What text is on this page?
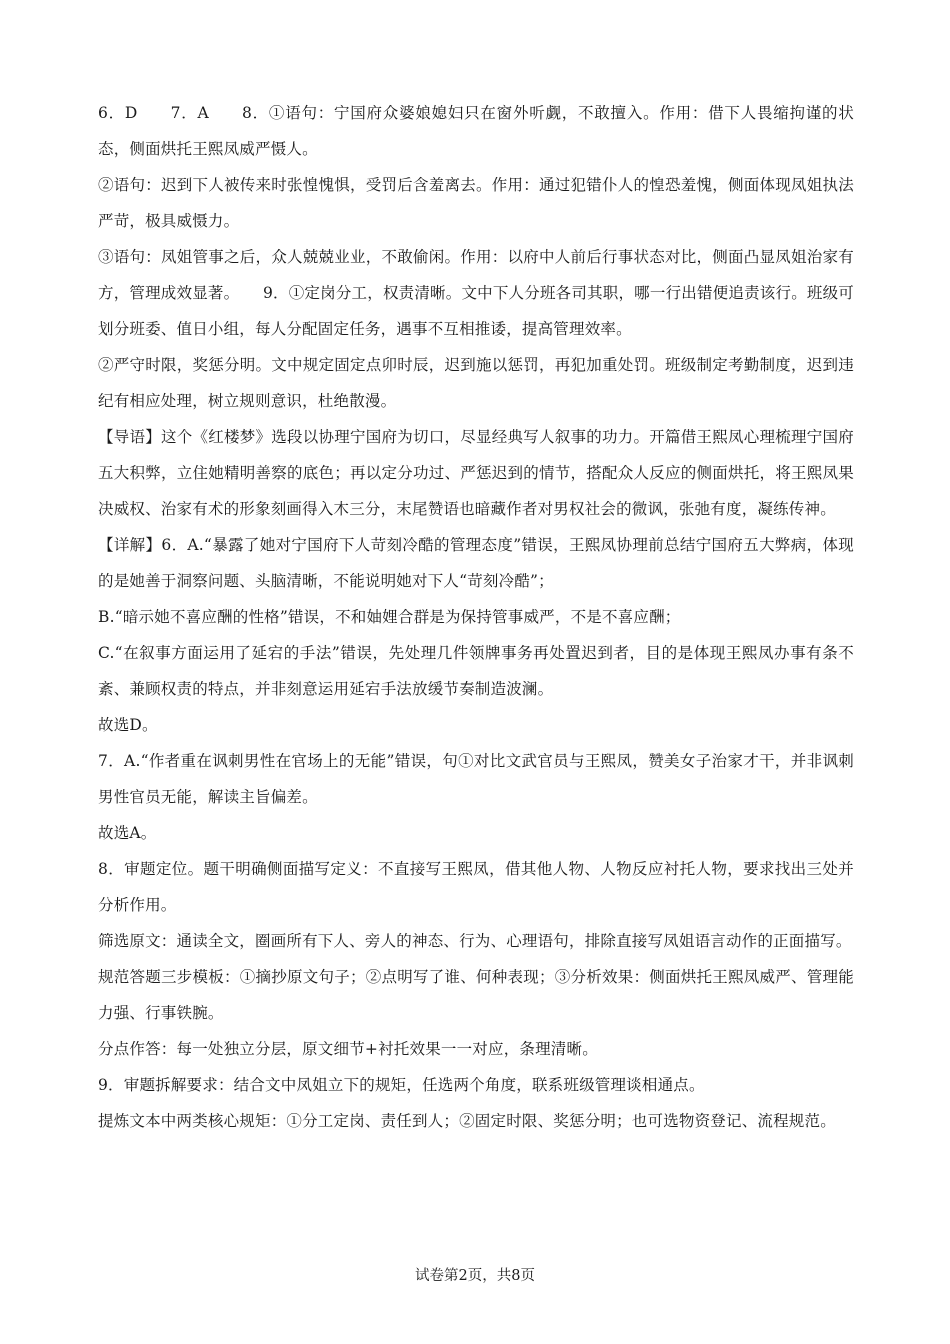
6．D　　7．A　　8．①语句：宁国府众婆娘媳妇只在窗外听觑，不敢擅入。作用：借下人畏缩拘谨的状态，侧面烘托王熙凤威严慑人。

②语句：迟到下人被传来时张惶愧惧，受罚后含羞离去。作用：通过犯错仆人的惶恐羞愧，侧面体现凤姐执法严苛，极具威慑力。

③语句：凤姐管事之后，众人兢兢业业，不敢偷闲。作用：以府中人前后行事状态对比，侧面凸显凤姐治家有方，管理成效显著。　　9．①定岗分工，权责清晰。文中下人分班各司其职，哪一行出错便追责该行。班级可划分班委、值日小组，每人分配固定任务，遇事不互相推诿，提高管理效率。

②严守时限，奖惩分明。文中规定固定点卯时辰，迟到施以惩罚，再犯加重处罚。班级制定考勤制度，迟到违纪有相应处理，树立规则意识，杜绝散漫。

【导语】这个《红楼梦》选段以协理宁国府为切口，尽显经典写人叙事的功力。开篇借王熙凤心理梳理宁国府五大积弊，立住她精明善察的底色；再以定分功过、严惩迟到的情节，搭配众人反应的侧面烘托，将王熙凤果决威权、治家有术的形象刻画得入木三分，末尾赞语也暗藏作者对男权社会的微讽，张弛有度，凝练传神。

【详解】6．A.“暴露了她对宁国府下人苛刻冷酷的管理态度”错误，王熙凤协理前总结宁国府五大弊病，体现的是她善于洞察问题、头脑清晰，不能说明她对下人“苛刻冷酷”；

B.“暗示她不喜应酬的性格”错误，不和妯娌合群是为保持管事威严，不是不喜应酬；

C.“在叙事方面运用了延宕的手法”错误，先处理几件领牌事务再处置迟到者，目的是体现王熙凤办事有条不紊、兼顾权责的特点，并非刻意运用延宕手法放缓节奏制造波澜。

故选D。

7．A.“作者重在讽刺男性在官场上的无能”错误，句①对比文武官员与王熙凤，赞美女子治家才干，并非讽刺男性官员无能，解读主旨偏差。

故选A。

8．审题定位。题干明确侧面描写定义：不直接写王熙凤，借其他人物、人物反应衬托人物，要求找出三处并分析作用。

筛选原文：通读全文，圈画所有下人、旁人的神态、行为、心理语句，排除直接写凤姐语言动作的正面描写。

规范答题三步模板：①摘抄原文句子；②点明写了谁、何种表现；③分析效果：侧面烘托王熙凤威严、管理能力强、行事铁腕。

分点作答：每一处独立分层，原文细节+衬托效果一一对应，条理清晰。

9．审题拆解要求：结合文中凤姐立下的规矩，任选两个角度，联系班级管理谈相通点。

提炼文本中两类核心规矩：①分工定岗、责任到人；②固定时限、奖惩分明；也可选物资登记、流程规范。

试卷第2页，共8页
